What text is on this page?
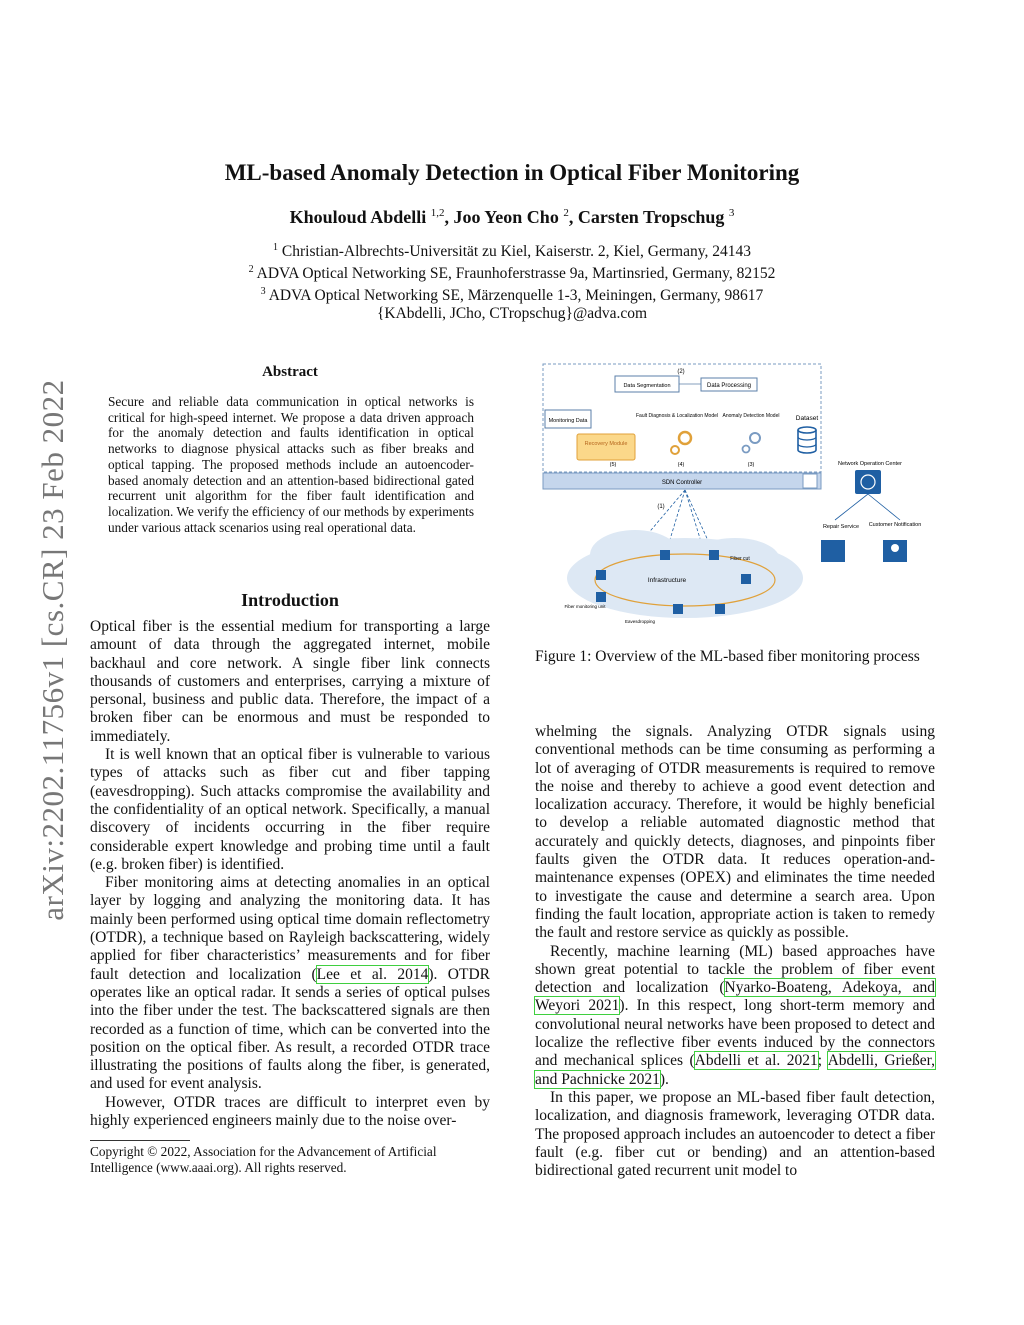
arXiv:2202.11756v1 [cs.CR] 23 Feb 2022
ML-based Anomaly Detection in Optical Fiber Monitoring
Khouloud Abdelli $^{1,2}$, Joo Yeon Cho $^2$, Carsten Tropschug $^3$
$^1$ Christian-Albrechts-Universität zu Kiel, Kaiserstr. 2, Kiel, Germany, 24143
$^2$ ADVA Optical Networking SE, Fraunhoferstrasse 9a, Martinsried, Germany, 82152
$^3$ ADVA Optical Networking SE, Märzenquelle 1-3, Meiningen, Germany, 98617
{KAbdelli, JCho, CTropschug}@adva.com
Abstract
Secure and reliable data communication in optical networks is critical for high-speed internet. We propose a data driven approach for the anomaly detection and faults identification in optical networks to diagnose physical attacks such as fiber breaks and optical tapping. The proposed methods include an autoencoder-based anomaly detection and an attention-based bidirectional gated recurrent unit algorithm for the fiber fault identification and localization. We verify the efficiency of our methods by experiments under various attack scenarios using real operational data.
Introduction

Optical fiber is the essential medium for transporting a large amount of data through the aggregated internet, mobile backhaul and core network. A single fiber link connects thousands of customers and enterprises, carrying a mixture of personal, business and public data. Therefore, the impact of a broken fiber can be enormous and must be responded to immediately.

It is well known that an optical fiber is vulnerable to various types of attacks such as fiber cut and fiber tapping (eavesdropping). Such attacks compromise the availability and the confidentiality of an optical network. Specifically, a manual discovery of incidents occurring in the fiber require considerable expert knowledge and probing time until a fault (e.g. broken fiber) is identified.

Fiber monitoring aims at detecting anomalies in an optical layer by logging and analyzing the monitoring data. It has mainly been performed using optical time domain reflectometry (OTDR), a technique based on Rayleigh backscattering, widely applied for fiber characteristics’ measurements and for fiber fault detection and localization (Lee et al. 2014). OTDR operates like an optical radar. It sends a series of optical pulses into the fiber under the test. The backscattered signals are then recorded as a function of time, which can be converted into the position on the optical fiber. As result, a recorded OTDR trace illustrating the positions of faults along the fiber, is generated, and used for event analysis.

However, OTDR traces are difficult to interpret even by highly experienced engineers mainly due to the noise over-

Copyright © 2022, Association for the Advancement of Artificial Intelligence (www.aaai.org). All rights reserved.
(2)
Data Segmentation	Data Processing
Monitoring Data
Fault Diagnosis & Localization Model Anomaly Detection Model	Dataset
Recovery Module
(5)	(4)	(3)
SDN Controller
Network Operation Center
Repair Service Customer Notification
(1)
Infrastructure
Fiber cut
Fiber monitoring unit
Eavesdropping
Figure 1: Overview of the ML-based fiber monitoring process

whelming the signals. Analyzing OTDR signals using conventional methods can be time consuming as performing a lot of averaging of OTDR measurements is required to remove the noise and thereby to achieve a good event detection and localization accuracy. Therefore, it would be highly beneficial to develop a reliable automated diagnostic method that accurately and quickly detects, diagnoses, and pinpoints fiber faults given the OTDR data. It reduces operation-and-maintenance expenses (OPEX) and eliminates the time needed to investigate the cause and determine a search area. Upon finding the fault location, appropriate action is taken to remedy the fault and restore service as quickly as possible.

Recently, machine learning (ML) based approaches have shown great potential to tackle the problem of fiber event detection and localization (Nyarko-Boateng, Adekoya, and Weyori 2021). In this respect, long short-term memory and convolutional neural networks have been proposed to detect and localize the reflective fiber events induced by the connectors and mechanical splices (Abdelli et al. 2021; Abdelli, Grießer, and Pachnicke 2021).

In this paper, we propose an ML-based fiber fault detection, localization, and diagnosis framework, leveraging OTDR data. The proposed approach includes an autoencoder to detect a fiber fault (e.g. fiber cut or bending) and an attention-based bidirectional gated recurrent unit model to
